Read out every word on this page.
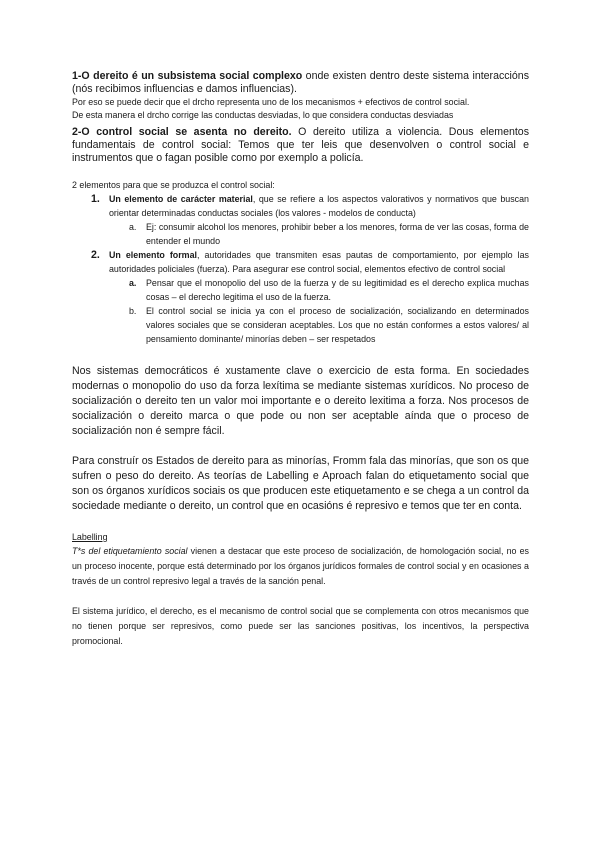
1-O dereito é un subsistema social complexo onde existen dentro deste sistema interaccións (nós recibimos influencias e damos influencias).

Por eso se puede decir que el drcho representa uno de los mecanismos + efectivos de control social.

De esta manera el drcho corrige las conductas desviadas, lo que considera conductas desviadas

2-O control social se asenta no dereito. O dereito utiliza a violencia. Dous elementos fundamentais de control social: Temos que ter leis que desenvolven o control social e instrumentos que o fagan posible como por exemplo a policía.

2 elementos para que se produzca el control social:

1. Un elemento de carácter material, que se refiere a los aspectos valorativos y normativos que buscan orientar determinadas conductas sociales (los valores - modelos de conducta)
a. Ej: consumir alcohol los menores, prohibir beber a los menores, forma de ver las cosas, forma de entender el mundo
2. Un elemento formal, autoridades que transmiten esas pautas de comportamiento, por ejemplo las autoridades policiales (fuerza). Para asegurar ese control social, elementos efectivo de control social
a. Pensar que el monopolio del uso de la fuerza y de su legitimidad es el derecho explica muchas cosas – el derecho legitima el uso de la fuerza.
b. El control social se inicia ya con el proceso de socialización, socializando en determinados valores sociales que se consideran aceptables. Los que no están conformes a estos valores/ al pensamiento dominante/ minorías deben – ser respetados

Nos sistemas democráticos é xustamente clave o exercicio de esta forma. En sociedades modernas o monopolio do uso da forza lexítima se mediante sistemas xurídicos. No proceso de socialización o dereito ten un valor moi importante e o dereito lexitima a forza. Nos procesos de socialización o dereito marca o que pode ou non ser aceptable aínda que o proceso de socialización non é sempre fácil.

Para construír os Estados de dereito para as minorías, Fromm fala das minorías, que son os que sufren o peso do dereito. As teorías de Labelling e Aproach falan do etiquetamento social que son os órganos xurídicos sociais os que producen este etiquetamento e se chega a un control da sociedade mediante o dereito, un control que en ocasións é represivo e temos que ter en conta.

Labelling

T*s del etiquetamiento social vienen a destacar que este proceso de socialización, de homologación social, no es un proceso inocente, porque está determinado por los órganos jurídicos formales de control social y en ocasiones a través de un control represivo legal a través de la sanción penal.

El sistema jurídico, el derecho, es el mecanismo de control social que se complementa con otros mecanismos que no tienen porque ser represivos, como puede ser las sanciones positivas, los incentivos, la perspectiva promocional.
